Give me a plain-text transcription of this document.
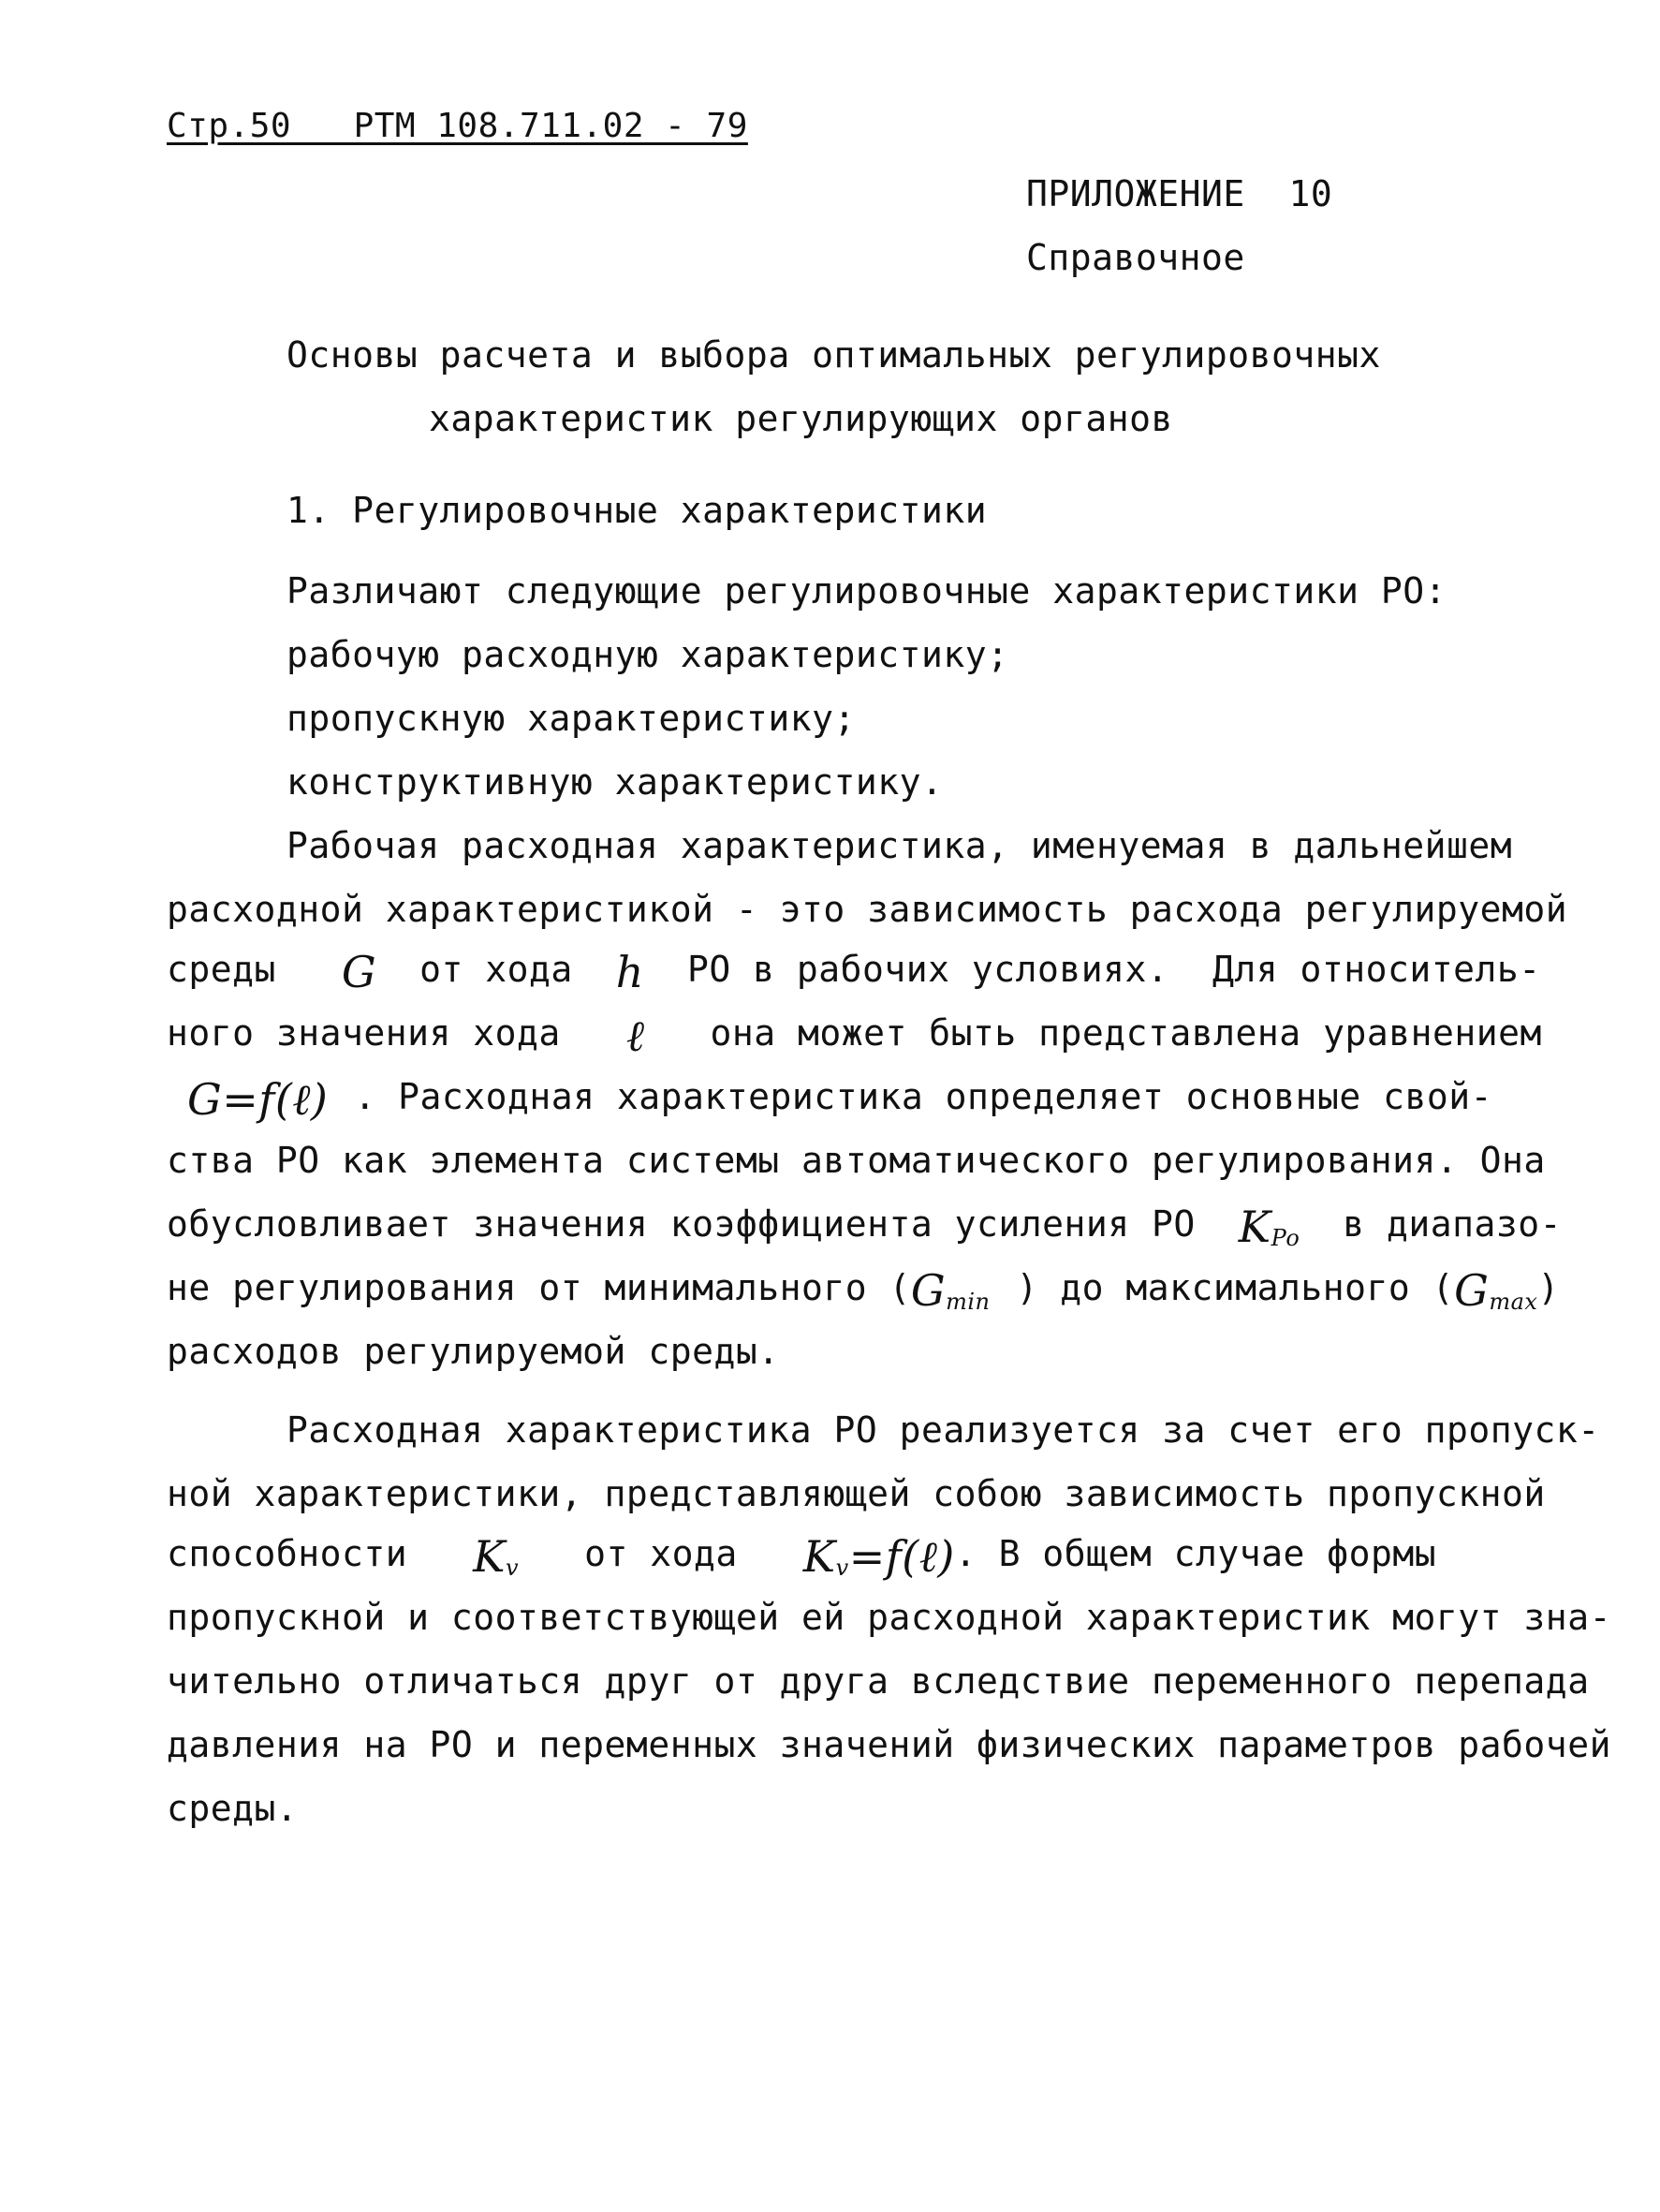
Стр.50   РТМ 108.711.02 - 79
ПРИЛОЖЕНИЕ  10
Справочное
Основы расчета и выбора оптимальных регулировочных
характеристик регулирующих органов
1. Регулировочные характеристики
Различают следующие регулировочные характеристики РО:
рабочую расходную характеристику;
пропускную характеристику;
конструктивную характеристику.
Рабочая расходная характеристика, именуемая в дальнейшем
расходной характеристикой - это зависимость расхода регулируемой
среды G от хода h РО в рабочих условиях.  Для относитель-
ного значения хода ℓ она может быть представлена уравнением
G=f(ℓ) . Расходная характеристика определяет основные свой-
ства РО как элемента системы автоматического регулирования. Она
обусловливает значения коэффициента усиления РО $K_{Po}$ в диапазо-
не регулирования от минимального ($G_{min}$ ) до максимального $(G_{max})$
расходов регулируемой среды.
Расходная характеристика РО реализуется за счет его пропуск-
ной характеристики, представляющей собою зависимость пропускной
способности $K_v$ от хода $K_v=f(\ell)$. В общем случае формы
пропускной и соответствующей ей расходной характеристик могут зна-
чительно отличаться друг от друга вследствие переменного перепада
давления на РО и переменных значений физических параметров рабочей
среды.
